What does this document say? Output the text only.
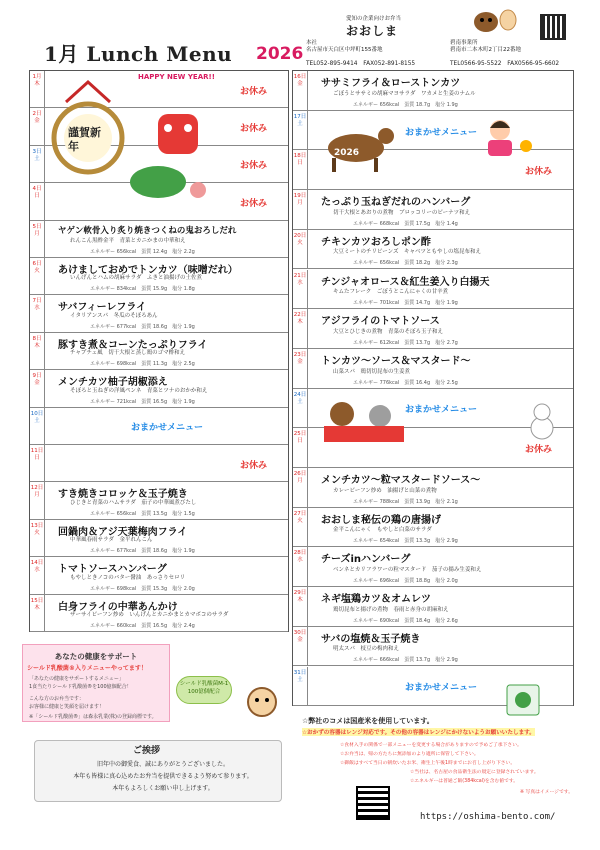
1月 Lunch Menu 2026
愛知の企業向けお弁当
おおしま
本社
名古屋市天白区中坪町155番地
碧南事業所
碧南市二本木町2丁目22番地
TEL052-895-9414　FAX052-891-8155	TEL0566-95-5522　FAX0566-95-6602
1月
木
お休み
2日
金
お休み
3日
土
お休み
4日
日
お休み
5日
月	ヤゲン軟骨入り炙り焼きつくねの鬼おろしだれ
れんこん黒酢金平　青菜とカニかまの中華和え
エネルギー 656kcal　蛋質 12.4g　塩分 2.2g
6日
火	あけましておめでトンカツ（味噌だれ）
いんげんとハムの胡麻サラダ　ふきと油揚げの土佐煮
エネルギー 834kcal　蛋質 15.9g　塩分 1.8g
7日
水	サバフィーレフライ
イタリアンスパ　冬瓜のそぼろあん
エネルギー 677kcal　蛋質 18.6g　塩分 1.9g
8日
木	豚すき煮＆コーンたっぷりフライ
チャプチェ風　切干大根と蒸し鶏のゴマ酢和え
エネルギー 698kcal　蛋質 11.3g　塩分 2.5g
9日
金	メンチカツ柚子胡椒添え
そぼろと玉ねぎの洋風ペンネ　青菜とツナのおかか和え
エネルギー 721kcal　蛋質 16.5g　塩分 1.9g
10日
土
おまかせメニュー
11日
日
お休み
12日
月	すき焼きコロッケ＆玉子焼き
ひじきと青菜のハムサラダ　茄子の中華風煮びたし
エネルギー 656kcal　蛋質 13.5g　塩分 1.5g
13日
火	回鍋肉＆アジ天葉梅肉フライ
中華風春雨サラダ　金平れんこん
エネルギー 677kcal　蛋質 18.6g　塩分 1.9g
14日
水	トマトソースハンバーグ
もやしときノコのバター醤油　あっさりセロリ
エネルギー 698kcal　蛋質 15.3g　塩分 2.0g
15日
木	白身フライの中華あんかけ
ザーサイビーフン炒め　いんげんとカニかまとカマボコのサラダ
エネルギー 660kcal　蛋質 16.5g　塩分 2.4g
16日
金	ササミフライ＆ローストンカツ
ごぼうとササミの胡麻マヨサラダ　ワカメと生姜のナムル
エネルギー 656kcal　蛋質 18.7g　塩分 1.9g
17日
土
おまかせメニュー
18日
日
お休み
19日
月	たっぷり玉ねぎだれのハンバーグ
切干大根とあおりの煮物　ブロッコリーのピーナツ和え
エネルギー 668kcal　蛋質 17.5g　塩分 1.4g
20日
火	チキンカツおろしポン酢
大豆ミートのチリビーンズ　キャベツともやしの塩昆布和え
エネルギー 656kcal　蛋質 18.2g　塩分 2.3g
21日
水	チンジャオロース＆紅生姜入り白揚天
キムたフレーク　ごぼうとこんにゃくの甘辛煮
エネルギー 701kcal　蛋質 14.7g　塩分 1.9g
22日
木	アジフライのトマトソース
大豆とひじきの煮物　青菜のそぼろ玉子和え
エネルギー 612kcal　蛋質 13.7g　塩分 2.7g
23日
金	トンカツ～ソース＆マスタード～
山菜スパ　鶏切切昆布の生姜煮
エネルギー 776kcal　蛋質 16.4g　塩分 2.5g
24日
土
おまかせメニュー
25日
日
お休み
26日
月	メンチカツ～粒マスタードソース～
カレービーフン炒め　油揚げと山菜の煮物
エネルギー 788kcal　蛋質 13.9g　塩分 2.1g
27日
火	おおしま秘伝の鶏の唐揚げ
金平こんにゃく　もやしと白菜のサラダ
エネルギー 654kcal　蛋質 13.3g　塩分 2.9g
28日
水	チーズinハンバーグ
ベンネとカリフラワーの粒マスタード　茄子の揚み生姜和え
エネルギー 696kcal　蛋質 18.8g　塩分 2.0g
29日
木	ネギ塩鶏カツ＆オムレツ
鶏切昆布と揚げの煮物　春雨と赤身の胡麻和え
エネルギー 690kcal　蛋質 18.4g　塩分 2.6g
30日
金	サバの塩焼＆玉子焼き
明太スパ　枝豆の梅肉和え
エネルギー 666kcal　蛋質 13.7g　塩分 2.9g
31日
土
おまかせメニュー
HAPPY NEW YEAR!!
謹賀新年	2026
あなたの健康をサポート
シールド乳酸菌®入りメニューやってます！
「あなたの健康をサポートするメニュー」
1食当たりシールド乳酸菌®を100億個配合！
こんな方のお弁当です：
お客様に健康と笑顔を届けます！
※「シールド乳酸菌®」は森永乳業(株)の登録商標です。
シールド乳酸菌M-1 100億個配合
ご挨拶
旧年中の御愛食、誠にありがとうございました。
本年も皆様に真心込めたお弁当を提供できるよう努めて参ります。
本年もよろしくお願い申し上げます。
☆弊社のコメは国産米を使用しています。
☆おかずの容器はレンジ対応です。その他の容器はレンジにかけないようお願いいたします。
☆食材入手の関係で一部メニューを変更する場合がありますので予めご了承下さい。
☆お弁当は、帰の方たちに無添加のより適所に保管して下さい。
☆御飯はすべて当日の朝炊いたお米、衛生上午後1時までにお召し上がり下さい。
☆当社は、名古屋の食品衛生法の規定に登録されています。
☆エネルギーは普通ご飯(384kcal)を含む値です。
※ 写真はイメージです。
https://oshima-bento.com/
